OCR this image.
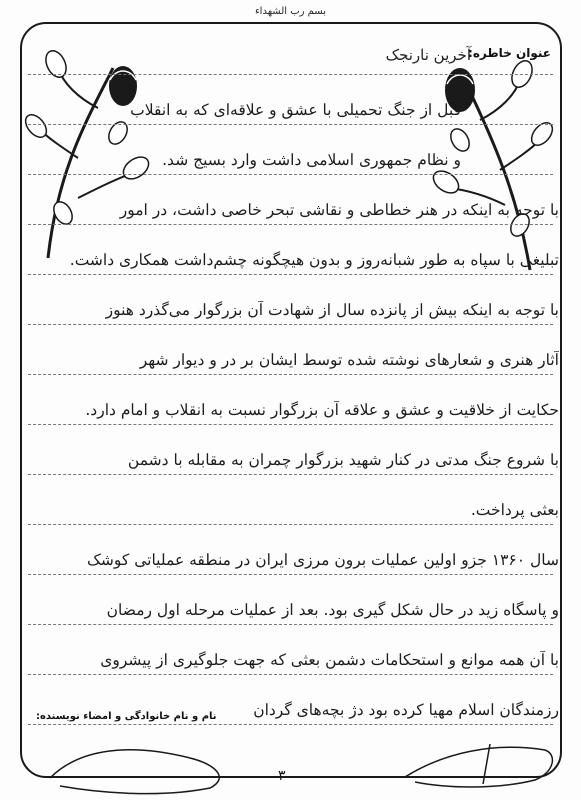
بسم رب الشهداء
عنوان خاطره:
آخرین نارنجک
قبل از جنگ تحمیلی با عشق و علاقه‌ای که به انقلاب
و نظام جمهوری اسلامی داشت وارد بسیج شد.
با توجه به اینکه در هنر خطاطی و نقاشی تبحر خاصی داشت، در امور
تبلیغی با سپاه به طور شبانه‌روز و بدون هیچگونه چشم‌داشت همکاری داشت.
با توجه به اینکه بیش از پانزده سال از شهادت آن بزرگوار می‌گذرد هنوز
آثار هنری و شعارهای نوشته شده توسط ایشان بر در و دیوار شهر
حکایت از خلاقیت و عشق و علاقه آن بزرگوار نسبت به انقلاب و امام دارد.
با شروع جنگ مدتی در کنار شهید بزرگوار چمران به مقابله با دشمن
بعثی پرداخت.
سال ۱۳۶۰ جزو اولین عملیات برون مرزی ایران در منطقه عملیاتی کوشک
و پاسگاه زید در حال شکل گیری بود. بعد از عملیات مرحله اول رمضان
با آن همه موانع و استحکامات دشمن بعثی که جهت جلوگیری از پیشروی
رزمندگان اسلام مهیا کرده بود دژ بچه‌های گردان
نام و نام خانوادگی و امضاء نویسنده:
۳
